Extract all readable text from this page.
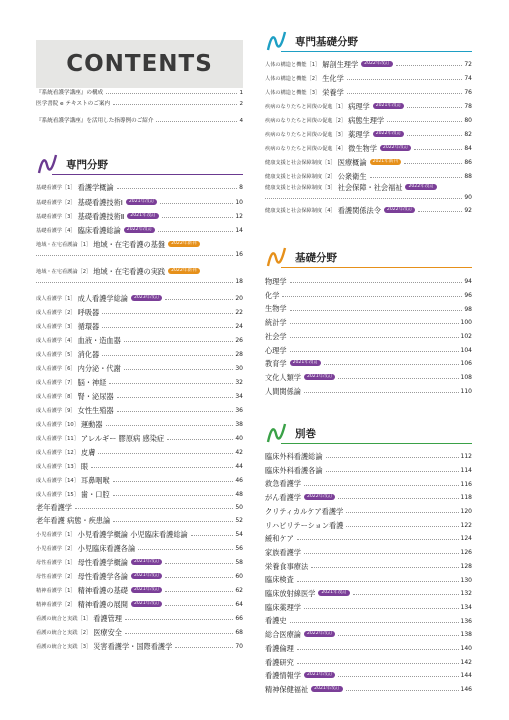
CONTENTS
専門分野
専門基礎分野
基礎分野
別巻
『系統看護学講座』の構成	1
医学書院 e テキストのご案内	2
『系統看護学講座』を活用した指導例のご紹介	4
基礎看護学［1］ 看護学概論	8
基礎看護学［2］ 基礎看護技術Ⅰ	2021年改訂	10
基礎看護学［3］ 基礎看護技術Ⅱ	2021年改訂	12
基礎看護学［4］ 臨床看護総論	2022年改訂	14
地域・在宅看護論［1］ 地域・在宅看護の基盤	2022年新刊
16
地域・在宅看護論［2］ 地域・在宅看護の実践	2022年新刊
18
成人看護学［1］ 成人看護学総論	2023年改訂	20
成人看護学［2］ 呼吸器	22
成人看護学［3］ 循環器	24
成人看護学［4］ 血液・造血器	26
成人看護学［5］ 消化器	28
成人看護学［6］ 内分泌・代謝	30
成人看護学［7］ 脳・神経	32
成人看護学［8］ 腎・泌尿器	34
成人看護学［9］ 女性生殖器	36
成人看護学［10］ 運動器	38
成人看護学［11］ アレルギー 膠原病 感染症	40
成人看護学［12］ 皮膚	42
成人看護学［13］ 眼	44
成人看護学［14］ 耳鼻咽喉	46
成人看護学［15］ 歯・口腔	48
老年看護学	50
老年看護 病態・疾患論	52
小児看護学［1］ 小児看護学概論 小児臨床看護総論	54
小児看護学［2］ 小児臨床看護各論	56
母性看護学［1］ 母性看護学概論	2021年改訂	58
母性看護学［2］ 母性看護学各論	2021年改訂	60
精神看護学［1］ 精神看護の基礎	2021年改訂	62
精神看護学［2］ 精神看護の展開	2021年改訂	64
看護の統合と実践［1］ 看護管理	66
看護の統合と実践［2］ 医療安全	68
看護の統合と実践［3］ 災害看護学・国際看護学	70
人体の構造と機能［1］ 解剖生理学	2022年改訂	72
人体の構造と機能［2］ 生化学	74
人体の構造と機能［3］ 栄養学	76
疾病のなりたちと回復の促進［1］ 病理学	2021年改訂	78
疾病のなりたちと回復の促進［2］ 病態生理学	80
疾病のなりたちと回復の促進［3］ 薬理学	2022年改訂	82
疾病のなりたちと回復の促進［4］ 微生物学	2022年改訂	84
健康支援と社会保障制度［1］ 医療概論	2021年新刊	86
健康支援と社会保障制度［2］ 公衆衛生	88
健康支援と社会保障制度［3］ 社会保障・社会福祉	2022年改訂
90
健康支援と社会保障制度［4］ 看護関係法令	2022年改訂	92
物理学	94
化学	96
生物学	98
統計学	100
社会学	102
心理学	104
教育学	2021年改訂	106
文化人類学	2021年改訂	108
人間関係論	110
臨床外科看護総論	112
臨床外科看護各論	114
救急看護学	116
がん看護学	2022年改訂	118
クリティカルケア看護学	120
リハビリテーション看護	122
緩和ケア	124
家族看護学	126
栄養食事療法	128
臨床検査	130
臨床放射線医学	2021年改訂	132
臨床薬理学	134
看護史	136
総合医療論	2022年改訂	138
看護倫理	140
看護研究	142
看護情報学	2021年改訂	144
精神保健福祉	2021年改訂	146
